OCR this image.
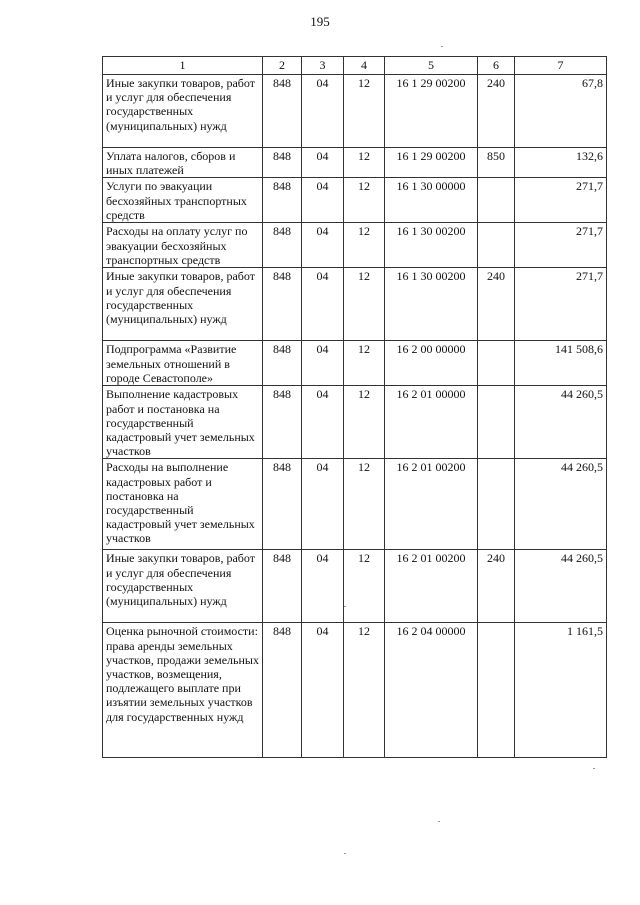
195
1	2	3	4	5	6	7
Иные закупки товаров, работ и услуг для обеспечения государственных (муниципальных) нужд	848	04	12	16 1 29 00200	240	67,8
Уплата налогов, сборов и иных платежей	848	04	12	16 1 29 00200	850	132,6
Услуги по эвакуации бесхозяйных транспортных средств	848	04	12	16 1 30 00000		271,7
Расходы на оплату услуг по эвакуации бесхозяйных транспортных средств	848	04	12	16 1 30 00200		271,7
Иные закупки товаров, работ и услуг для обеспечения государственных (муниципальных) нужд	848	04	12	16 1 30 00200	240	271,7
Подпрограмма «Развитие земельных отношений в городе Севастополе»	848	04	12	16 2 00 00000		141 508,6
Выполнение кадастровых работ и постановка на государственный кадастровый учет земельных участков	848	04	12	16 2 01 00000		44 260,5
Расходы на выполнение кадастровых работ и постановка на государственный кадастровый учет земельных участков	848	04	12	16 2 01 00200		44 260,5
Иные закупки товаров, работ и услуг для обеспечения государственных (муниципальных) нужд	848	04	12	16 2 01 00200	240	44 260,5
Оценка рыночной стоимости: права аренды земельных участков, продажи земельных участков, возмещения, подлежащего выплате при изъятии земельных участков для государственных нужд	848	04	12	16 2 04 00000		1 161,5
